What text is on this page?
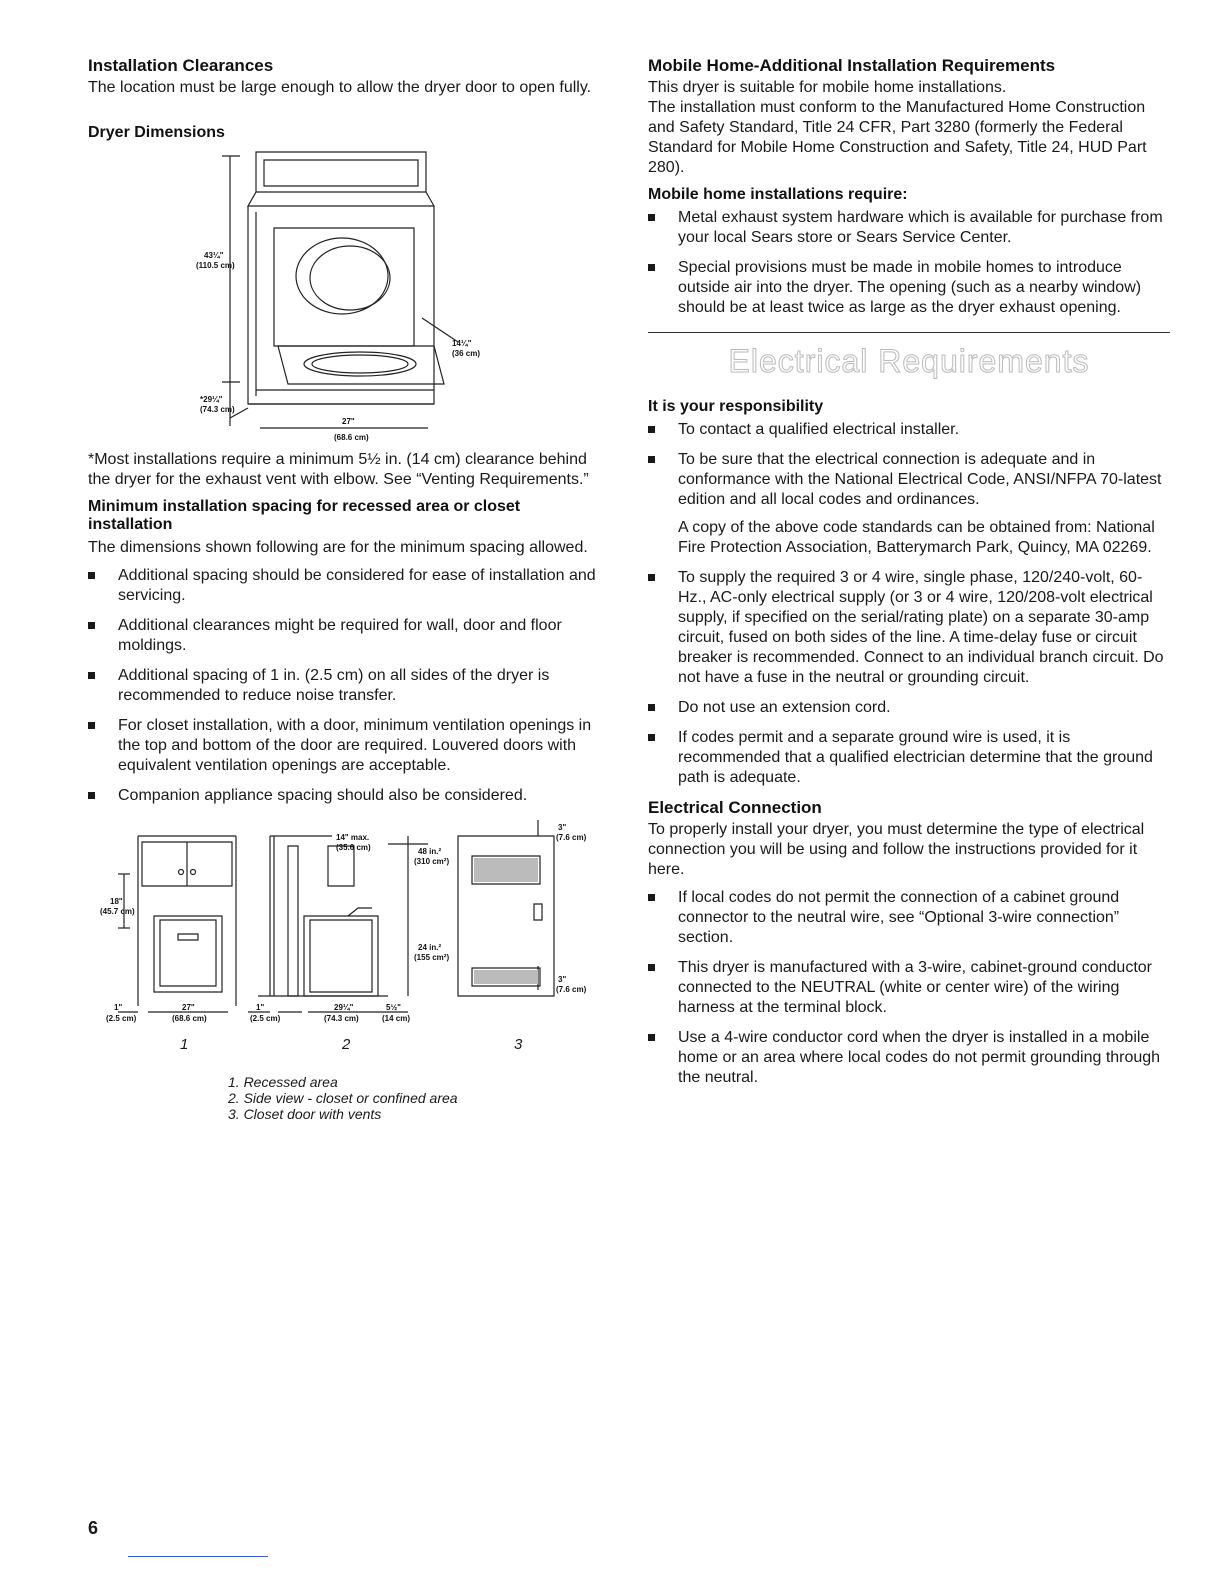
Installation Clearances

The location must be large enough to allow the dryer door to open fully.

Dryer Dimensions
43¼"
(110.5 cm)
*29¼"
(74.3 cm)
14¼"
(36 cm)
27"
(68.6 cm)

*Most installations require a minimum 5½ in. (14 cm) clearance behind the dryer for the exhaust vent with elbow. See “Venting Requirements.”

Minimum installation spacing for recessed area or closet installation

The dimensions shown following are for the minimum spacing allowed.

Additional spacing should be considered for ease of installation and servicing.
Additional clearances might be required for wall, door and floor moldings.
Additional spacing of 1 in. (2.5 cm) on all sides of the dryer is recommended to reduce noise transfer.
For closet installation, with a door, minimum ventilation openings in the top and bottom of the door are required. Louvered doors with equivalent ventilation openings are acceptable.
Companion appliance spacing should also be considered.
18"
(45.7 cm)
1"
(2.5 cm)
27"
(68.6 cm)
1"
(2.5 cm)
14" max.
(35.6 cm)
29¼"
(74.3 cm)
5½"
(14 cm)
48 in.²
(310 cm²)
24 in.²
(155 cm²)
3"
(7.6 cm)
3"
(7.6 cm)
1	2	3
1. Recessed area
2. Side view - closet or confined area
3. Closet door with vents
Mobile Home-Additional Installation Requirements

This dryer is suitable for mobile home installations.

The installation must conform to the Manufactured Home Construction and Safety Standard, Title 24 CFR, Part 3280 (formerly the Federal Standard for Mobile Home Construction and Safety, Title 24, HUD Part 280).

Mobile home installations require:
Metal exhaust system hardware which is available for purchase from your local Sears store or Sears Service Center.
Special provisions must be made in mobile homes to introduce outside air into the dryer. The opening (such as a nearby window) should be at least twice as large as the dryer exhaust opening.
Electrical Requirements
It is your responsibility
To contact a qualified electrical installer.
To be sure that the electrical connection is adequate and in conformance with the National Electrical Code, ANSI/NFPA 70-latest edition and all local codes and ordinances.

A copy of the above code standards can be obtained from: National Fire Protection Association, Batterymarch Park, Quincy, MA 02269.

To supply the required 3 or 4 wire, single phase, 120/240-volt, 60-Hz., AC-only electrical supply (or 3 or 4 wire, 120/208-volt electrical supply, if specified on the serial/rating plate) on a separate 30-amp circuit, fused on both sides of the line. A time-delay fuse or circuit breaker is recommended. Connect to an individual branch circuit. Do not have a fuse in the neutral or grounding circuit.
Do not use an extension cord.
If codes permit and a separate ground wire is used, it is recommended that a qualified electrician determine that the ground path is adequate.
Electrical Connection

To properly install your dryer, you must determine the type of electrical connection you will be using and follow the instructions provided for it here.

If local codes do not permit the connection of a cabinet ground connector to the neutral wire, see “Optional 3-wire connection” section.
This dryer is manufactured with a 3-wire, cabinet-ground conductor connected to the NEUTRAL (white or center wire) of the wiring harness at the terminal block.
Use a 4-wire conductor cord when the dryer is installed in a mobile home or an area where local codes do not permit grounding through the neutral.
6
